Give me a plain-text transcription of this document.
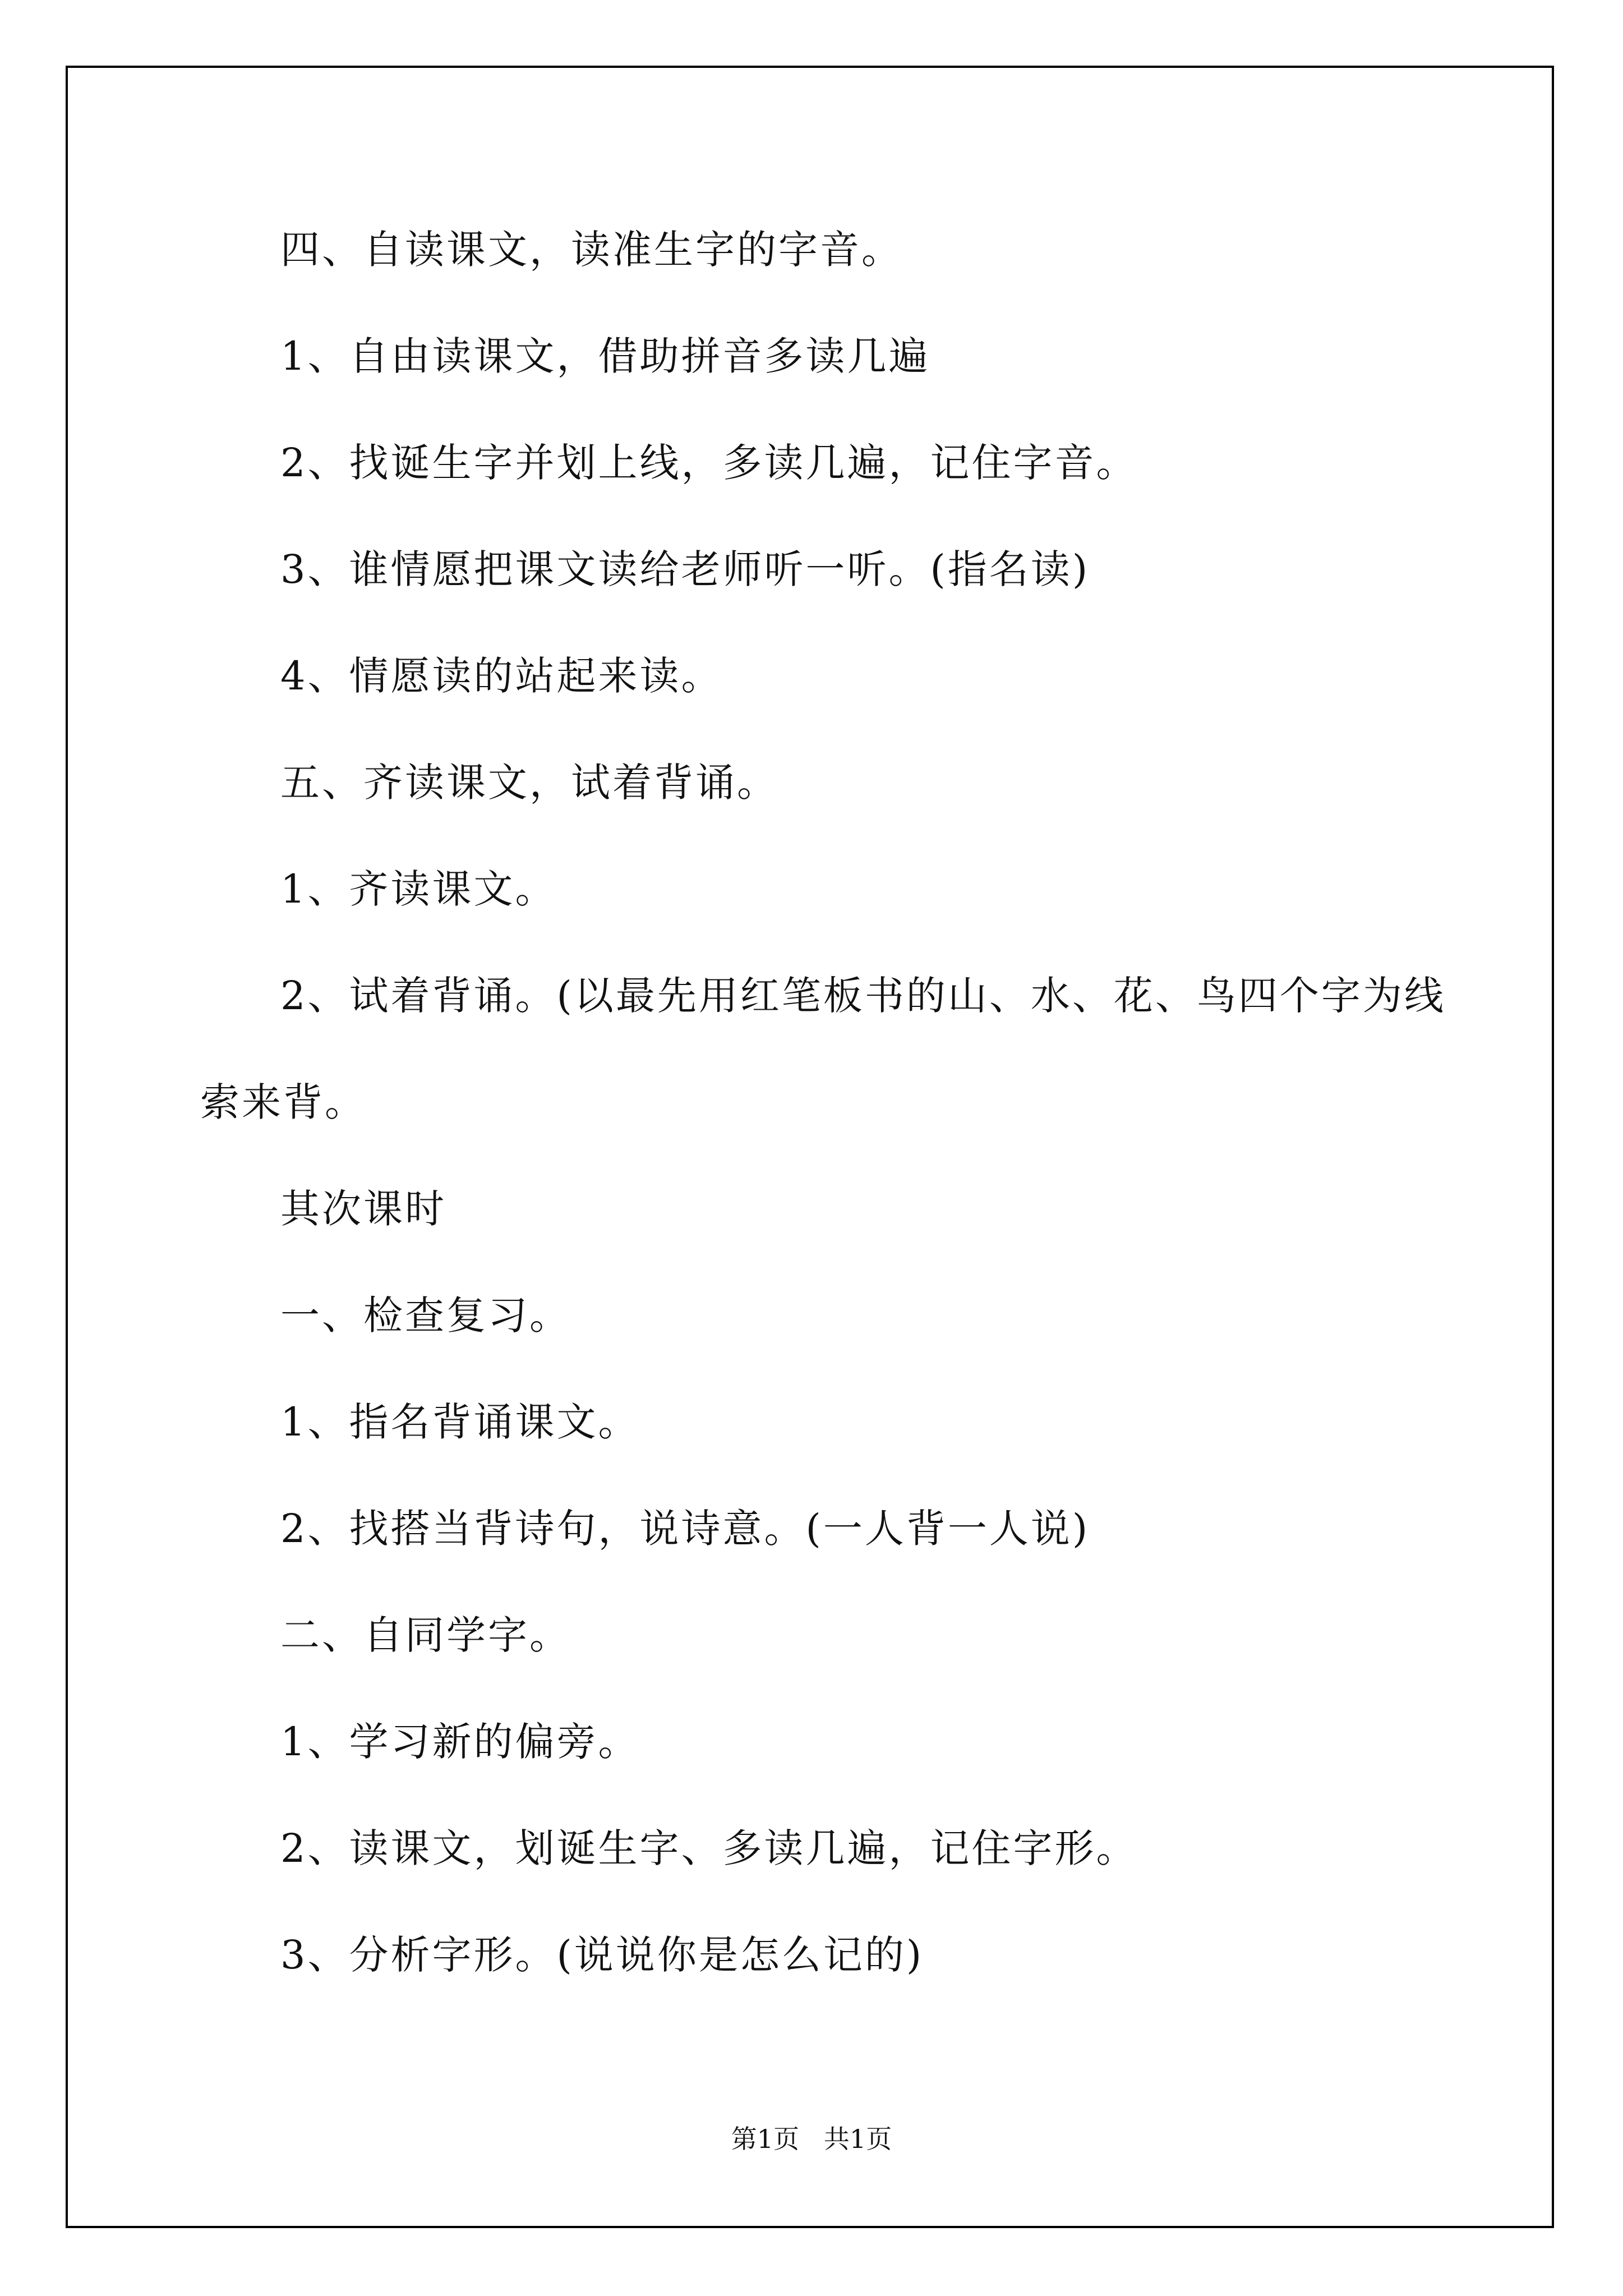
四、自读课文，读准生字的字音。
1、自由读课文，借助拼音多读几遍
2、找诞生字并划上线，多读几遍，记住字音。
3、谁情愿把课文读给老师听一听。(指名读)
4、情愿读的站起来读。
五、齐读课文，试着背诵。
1、齐读课文。
2、试着背诵。(以最先用红笔板书的山、水、花、鸟四个字为线
索来背。
其次课时
一、检查复习。
1、指名背诵课文。
2、找搭当背诗句，说诗意。(一人背一人说)
二、自同学字。
1、学习新的偏旁。
2、读课文，划诞生字、多读几遍，记住字形。
3、分析字形。(说说你是怎么记的)
第1页   共1页
